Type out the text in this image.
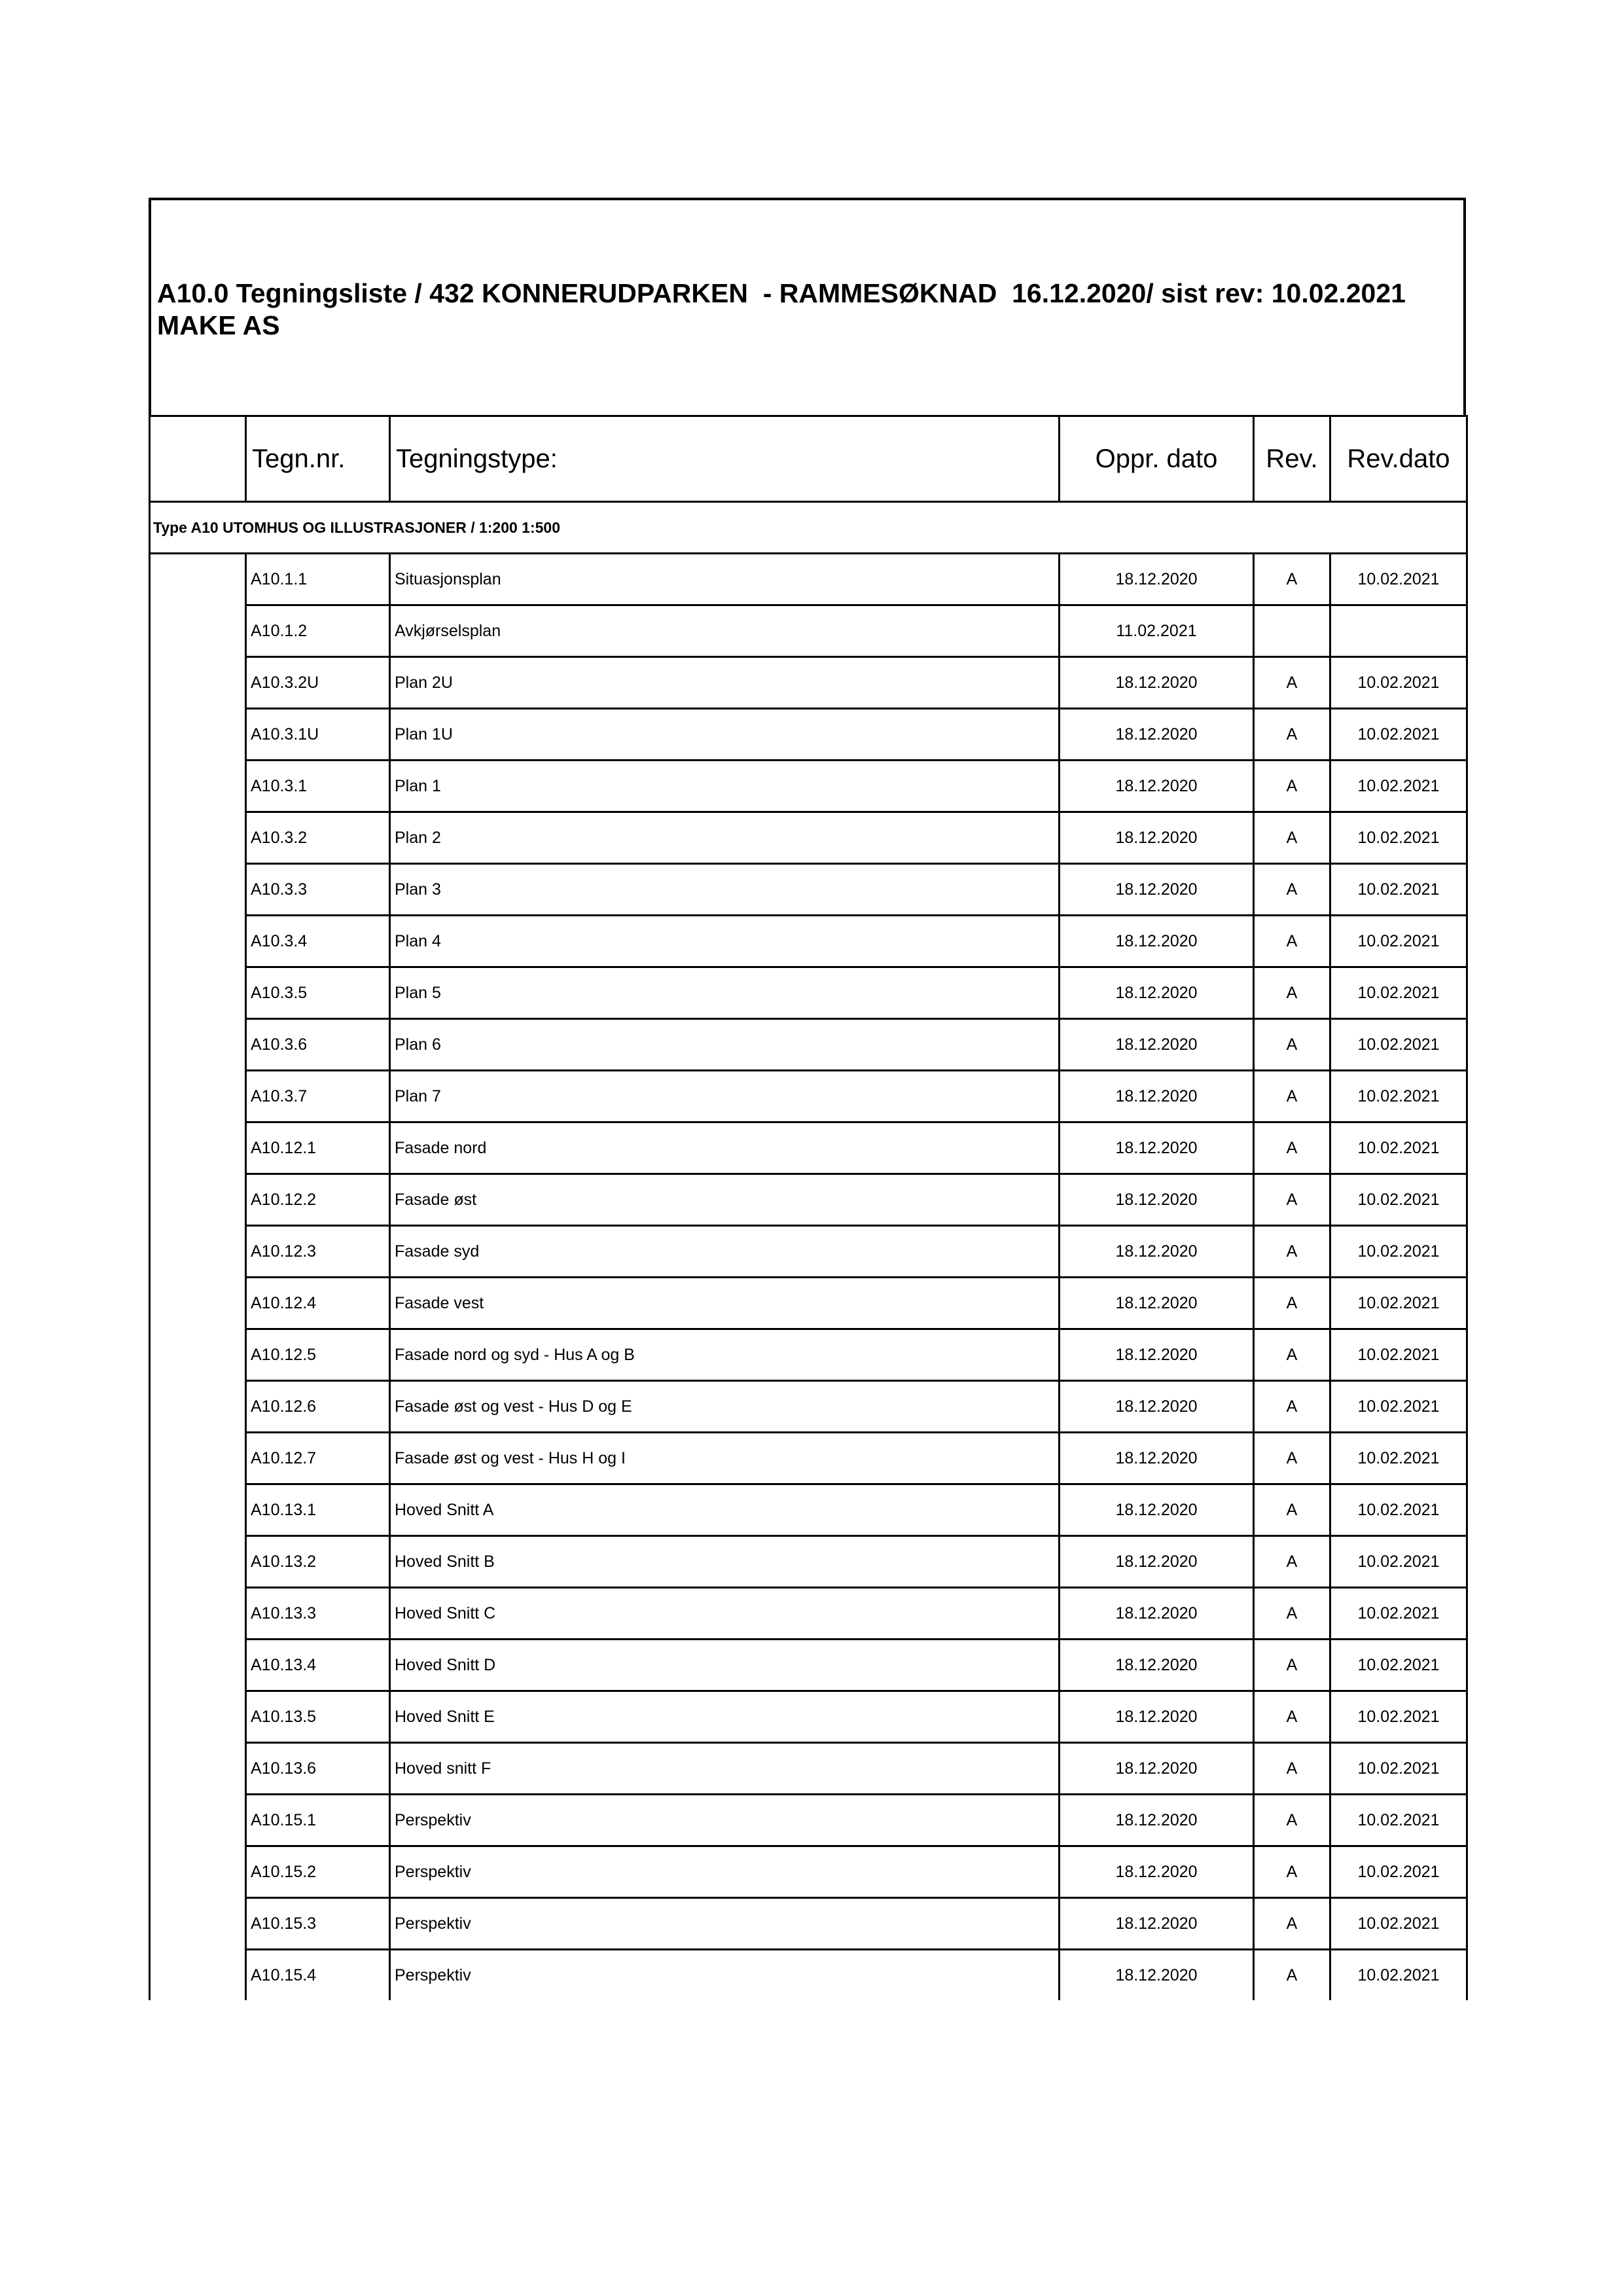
A10.0 Tegningsliste / 432 KONNERUDPARKEN  - RAMMESØKNAD  16.12.2020/ sist rev: 10.02.2021   MAKE AS

	Tegn.nr.	Tegningstype:	Oppr. dato	Rev.	Rev.dato
Type A10 UTOMHUS OG ILLUSTRASJONER / 1:200 1:500					
	A10.1.1	Situasjonsplan	18.12.2020	A	10.02.2021
	A10.1.2	Avkjørselsplan	11.02.2021		
	A10.3.2U	Plan 2U	18.12.2020	A	10.02.2021
	A10.3.1U	Plan 1U	18.12.2020	A	10.02.2021
	A10.3.1	Plan 1	18.12.2020	A	10.02.2021
	A10.3.2	Plan 2	18.12.2020	A	10.02.2021
	A10.3.3	Plan 3	18.12.2020	A	10.02.2021
	A10.3.4	Plan 4	18.12.2020	A	10.02.2021
	A10.3.5	Plan 5	18.12.2020	A	10.02.2021
	A10.3.6	Plan 6	18.12.2020	A	10.02.2021
	A10.3.7	Plan 7	18.12.2020	A	10.02.2021
	A10.12.1	Fasade nord	18.12.2020	A	10.02.2021
	A10.12.2	Fasade øst	18.12.2020	A	10.02.2021
	A10.12.3	Fasade syd	18.12.2020	A	10.02.2021
	A10.12.4	Fasade vest	18.12.2020	A	10.02.2021
	A10.12.5	Fasade nord og syd - Hus A og B	18.12.2020	A	10.02.2021
	A10.12.6	Fasade øst og vest - Hus D og E	18.12.2020	A	10.02.2021
	A10.12.7	Fasade øst og vest - Hus H og I	18.12.2020	A	10.02.2021
	A10.13.1	Hoved Snitt A	18.12.2020	A	10.02.2021
	A10.13.2	Hoved Snitt B	18.12.2020	A	10.02.2021
	A10.13.3	Hoved Snitt C	18.12.2020	A	10.02.2021
	A10.13.4	Hoved Snitt D	18.12.2020	A	10.02.2021
	A10.13.5	Hoved Snitt E	18.12.2020	A	10.02.2021
	A10.13.6	Hoved snitt F	18.12.2020	A	10.02.2021
	A10.15.1	Perspektiv	18.12.2020	A	10.02.2021
	A10.15.2	Perspektiv	18.12.2020	A	10.02.2021
	A10.15.3	Perspektiv	18.12.2020	A	10.02.2021
	A10.15.4	Perspektiv	18.12.2020	A	10.02.2021
